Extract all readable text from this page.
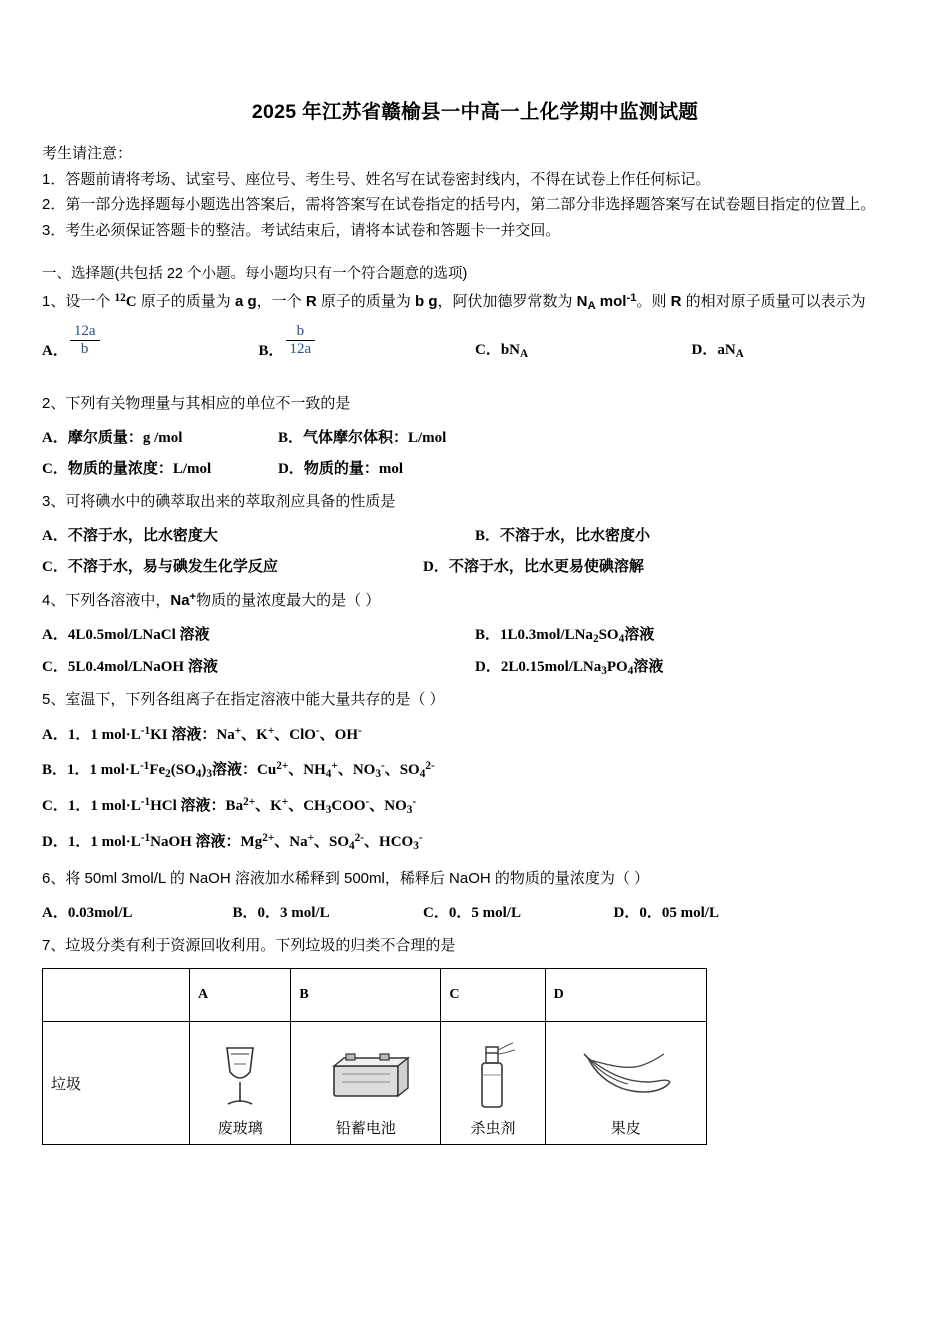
2025 年江苏省赣榆县一中高一上化学期中监测试题
考生请注意：
1．答题前请将考场、试室号、座位号、考生号、姓名写在试卷密封线内，不得在试卷上作任何标记。
2．第一部分选择题每小题选出答案后，需将答案写在试卷指定的括号内，第二部分非选择题答案写在试卷题目指定的位置上。
3．考生必须保证答题卡的整洁。考试结束后，请将本试卷和答题卡一并交回。
一、选择题(共包括 22 个小题。每小题均只有一个符合题意的选项)
1、设一个 $^{12}$C 原子的质量为 a g，一个 R 原子的质量为 b g，阿伏加德罗常数为 $N_A$ mol$^{-1}$。则 R 的相对原子质量可以表示为
A． $\frac{12a}{b}$	B． $\frac{b}{12a}$	C．$bN_A$	D．$aN_A$
2、下列有关物理量与其相应的单位不一致的是
A．摩尔质量：g /mol	B．气体摩尔体积：L/mol
C．物质的量浓度：L/mol	D．物质的量：mol
3、可将碘水中的碘萃取出来的萃取剂应具备的性质是
A．不溶于水，比水密度大	B．不溶于水，比水密度小
C．不溶于水，易与碘发生化学反应	D．不溶于水，比水更易使碘溶解
4、下列各溶液中，Na+物质的量浓度最大的是（ ）
A．4L0.5mol/LNaCl 溶液	B．$1L0.3mol/LNa_2SO_4$溶液
C．5L0.4mol/LNaOH 溶液	D．$2L0.15mol/LNa_3PO_4$溶液
5、室温下，下列各组离子在指定溶液中能大量共存的是（ ）
A．1．1 $mol\cdot L^{-1}KI$ 溶液：Na+、K+、ClO-、OH-
B．1．1 $mol\cdot L^{-1}Fe_2(SO_4)_3$溶液：$Cu^{2+}$、$NH_4^+$、$NO_3^-$、$SO_4^{2-}$
C．1．1 $mol\cdot L^{-1}HCl$ 溶液：$Ba^{2+}$、K+、$CH_3COO^-$、$NO_3^-$
D．1．1 $mol\cdot L^{-1}NaOH$ 溶液：$Mg^{2+}$、Na+、$SO_4^{2-}$、$HCO_3^-$
6、将 50ml 3mol/L 的 NaOH 溶液加水稀释到 500ml，稀释后 NaOH 的物质的量浓度为（ ）
A．0.03mol/L	B．0．3 mol/L	C．0．5 mol/L	D．0．05 mol/L
7、垃圾分类有利于资源回收利用。下列垃圾的归类不合理的是
	A	B	C	D
垃圾	废玻璃	铅蓄电池	杀虫剂	果皮
